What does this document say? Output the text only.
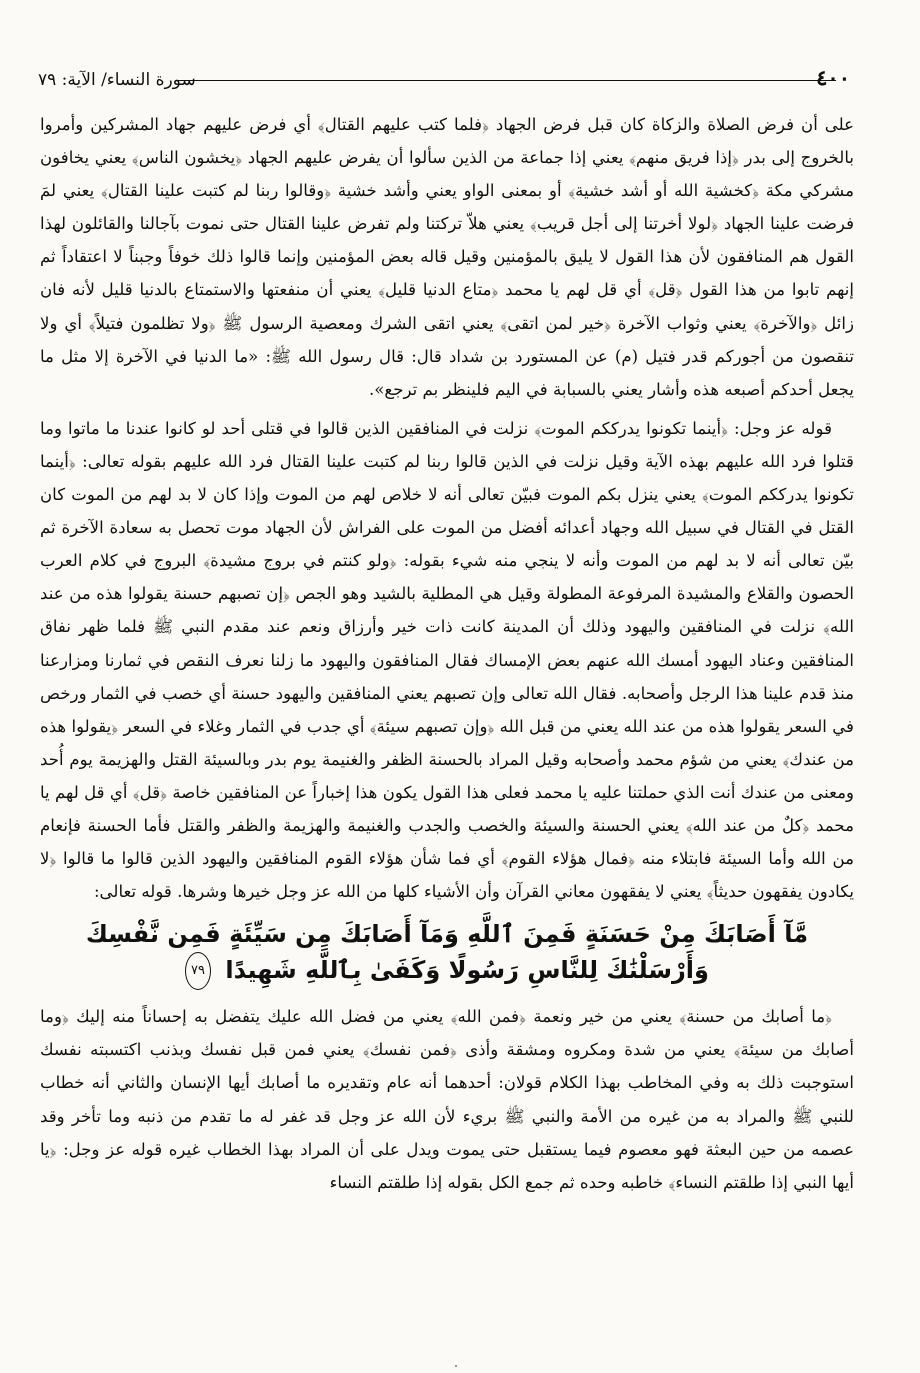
٤٠٠
سورة النساء/ الآية: ٧٩

على أن فرض الصلاة والزكاة كان قبل فرض الجهاد ﴿فلما كتب عليهم القتال﴾ أي فرض عليهم جهاد المشركين وأمروا بالخروج إلى بدر ﴿إذا فريق منهم﴾ يعني إذا جماعة من الذين سألوا أن يفرض عليهم الجهاد ﴿يخشون الناس﴾ يعني يخافون مشركي مكة ﴿كخشية الله أو أشد خشية﴾ أو بمعنى الواو يعني وأشد خشية ﴿وقالوا ربنا لم كتبت علينا القتال﴾ يعني لمَ فرضت علينا الجهاد ﴿لولا أخرتنا إلى أجل قريب﴾ يعني هلاّ تركتنا ولم تفرض علينا القتال حتى نموت بآجالنا والقائلون لهذا القول هم المنافقون لأن هذا القول لا يليق بالمؤمنين وقيل قاله بعض المؤمنين وإنما قالوا ذلك خوفاً وجبناً لا اعتقاداً ثم إنهم تابوا من هذا القول ﴿قل﴾ أي قل لهم يا محمد ﴿متاع الدنيا قليل﴾ يعني أن منفعتها والاستمتاع بالدنيا قليل لأنه فان زائل ﴿والآخرة﴾ يعني وثواب الآخرة ﴿خير لمن اتقى﴾ يعني اتقى الشرك ومعصية الرسول ﷺ ﴿ولا تظلمون فتيلاً﴾ أي ولا تنقصون من أجوركم قدر فتيل (م) عن المستورد بن شداد قال: قال رسول الله ﷺ: «ما الدنيا في الآخرة إلا مثل ما يجعل أحدكم أصبعه هذه وأشار يعني بالسبابة في اليم فلينظر بم ترجع».

قوله عز وجل: ﴿أينما تكونوا يدرككم الموت﴾ نزلت في المنافقين الذين قالوا في قتلى أحد لو كانوا عندنا ما ماتوا وما قتلوا فرد الله عليهم بهذه الآية وقيل نزلت في الذين قالوا ربنا لم كتبت علينا القتال فرد الله عليهم بقوله تعالى: ﴿أينما تكونوا يدرككم الموت﴾ يعني ينزل بكم الموت فبيّن تعالى أنه لا خلاص لهم من الموت وإذا كان لا بد لهم من الموت كان القتل في القتال في سبيل الله وجهاد أعدائه أفضل من الموت على الفراش لأن الجهاد موت تحصل به سعادة الآخرة ثم بيّن تعالى أنه لا بد لهم من الموت وأنه لا ينجي منه شيء بقوله: ﴿ولو كنتم في بروج مشيدة﴾ البروج في كلام العرب الحصون والقلاع والمشيدة المرفوعة المطولة وقيل هي المطلية بالشيد وهو الجص ﴿إن تصبهم حسنة يقولوا هذه من عند الله﴾ نزلت في المنافقين واليهود وذلك أن المدينة كانت ذات خير وأرزاق ونعم عند مقدم النبي ﷺ فلما ظهر نفاق المنافقين وعناد اليهود أمسك الله عنهم بعض الإمساك فقال المنافقون واليهود ما زلنا نعرف النقص في ثمارنا ومزارعنا منذ قدم علينا هذا الرجل وأصحابه. فقال الله تعالى وإن تصبهم يعني المنافقين واليهود حسنة أي خصب في الثمار ورخص في السعر يقولوا هذه من عند الله يعني من قبل الله ﴿وإن تصبهم سيئة﴾ أي جدب في الثمار وغلاء في السعر ﴿يقولوا هذه من عندك﴾ يعني من شؤم محمد وأصحابه وقيل المراد بالحسنة الظفر والغنيمة يوم بدر وبالسيئة القتل والهزيمة يوم أُحد ومعنى من عندك أنت الذي حملتنا عليه يا محمد فعلى هذا القول يكون هذا إخباراً عن المنافقين خاصة ﴿قل﴾ أي قل لهم يا محمد ﴿كلٌ من عند الله﴾ يعني الحسنة والسيئة والخصب والجدب والغنيمة والهزيمة والظفر والقتل فأما الحسنة فإنعام من الله وأما السيئة فابتلاء منه ﴿فمال هؤلاء القوم﴾ أي فما شأن هؤلاء القوم المنافقين واليهود الذين قالوا ما قالوا ﴿لا يكادون يفقهون حديثاً﴾ يعني لا يفقهون معاني القرآن وأن الأشياء كلها من الله عز وجل خيرها وشرها. قوله تعالى:

مَّآ أَصَابَكَ مِنْ حَسَنَةٍ فَمِنَ ٱللَّهِ وَمَآ أَصَابَكَ مِن سَيِّئَةٍ فَمِن نَّفْسِكَ وَأَرْسَلْنَٰكَ لِلنَّاسِ رَسُولًا وَكَفَىٰ بِٱللَّهِ شَهِيدًا ٧٩

﴿ما أصابك من حسنة﴾ يعني من خير ونعمة ﴿فمن الله﴾ يعني من فضل الله عليك يتفضل به إحساناً منه إليك ﴿وما أصابك من سيئة﴾ يعني من شدة ومكروه ومشقة وأذى ﴿فمن نفسك﴾ يعني فمن قبل نفسك وبذنب اكتسبته نفسك استوجبت ذلك به وفي المخاطب بهذا الكلام قولان: أحدهما أنه عام وتقديره ما أصابك أيها الإنسان والثاني أنه خطاب للنبي ﷺ والمراد به من غيره من الأمة والنبي ﷺ بريء لأن الله عز وجل قد غفر له ما تقدم من ذنبه وما تأخر وقد عصمه من حين البعثة فهو معصوم فيما يستقبل حتى يموت ويدل على أن المراد بهذا الخطاب غيره قوله عز وجل: ﴿يا أيها النبي إذا طلقتم النساء﴾ خاطبه وحده ثم جمع الكل بقوله إذا طلقتم النساء
